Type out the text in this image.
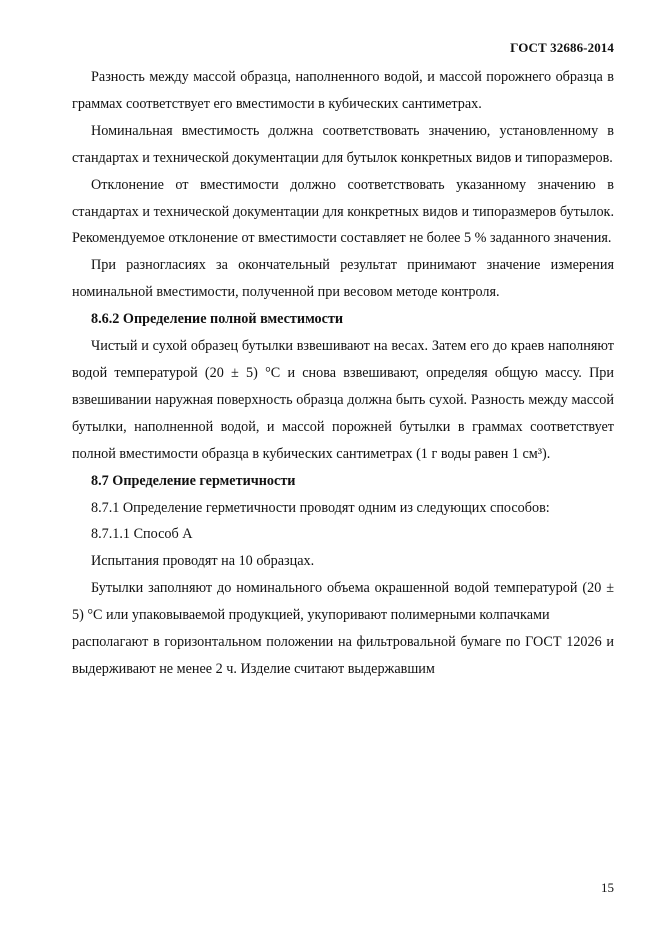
ГОСТ 32686-2014

Разность между массой образца, наполненного водой, и массой порожнего образца в граммах соответствует его вместимости в кубических сантиметрах.

Номинальная вместимость должна соответствовать значению, установленному в стандартах и технической документации для бутылок конкретных видов и типоразмеров.

Отклонение от вместимости должно соответствовать указанному значению в стандартах и технической документации для конкретных видов и типоразмеров бутылок. Рекомендуемое отклонение от вместимости составляет не более 5 % заданного значения.

При разногласиях за окончательный результат принимают значение измерения номинальной вместимости, полученной при весовом методе контроля.

8.6.2 Определение полной вместимости

Чистый и сухой образец бутылки взвешивают на весах. Затем его до краев наполняют водой температурой (20 ± 5) °С и снова взвешивают, определяя общую массу. При взвешивании наружная поверхность образца должна быть сухой. Разность между массой бутылки, наполненной водой, и массой порожней бутылки в граммах соответствует полной вместимости образца в кубических сантиметрах (1 г воды равен 1 см³).

8.7 Определение герметичности

8.7.1 Определение герметичности проводят одним из следующих способов:

8.7.1.1 Способ А

Испытания проводят на 10 образцах.

Бутылки заполняют до номинального объема окрашенной водой температурой (20 ± 5) °С или упаковываемой продукцией, укупоривают полимерными колпачками

располагают в горизонтальном положении на фильтровальной бумаге по ГОСТ 12026 и выдерживают не менее 2 ч. Изделие считают выдержавшим

15
